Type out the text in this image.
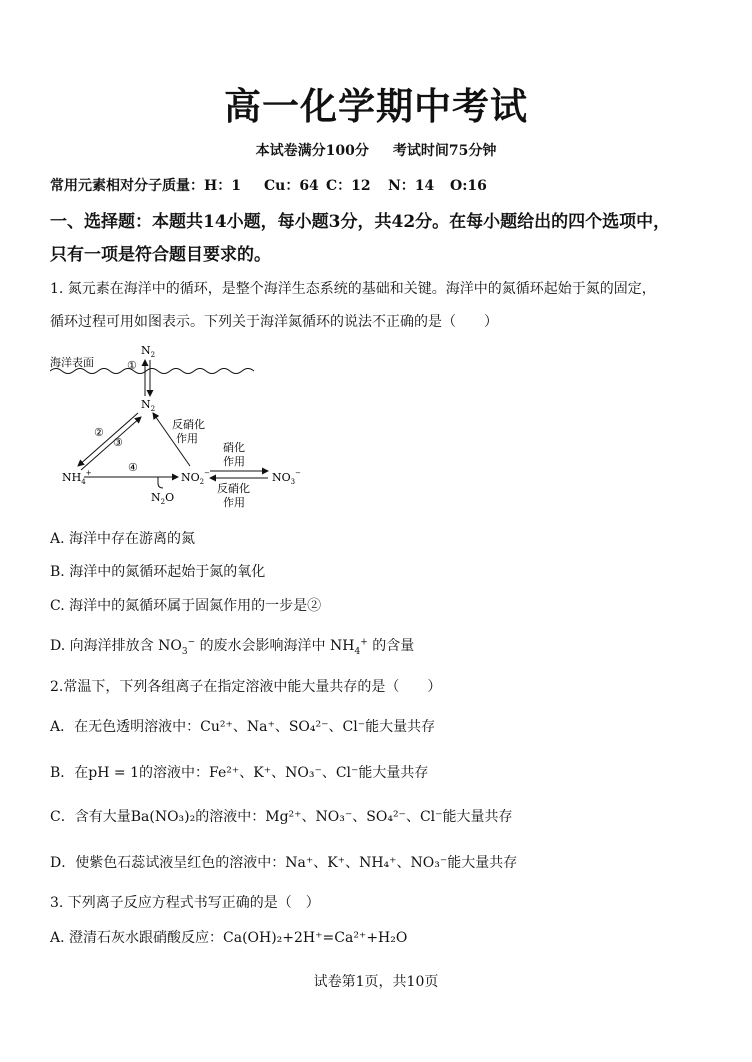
高一化学期中考试
本试卷满分100分 考试时间75分钟
常用元素相对分子质量：H：1 Cu：64 C：12 N：14 O:16
一、选择题：本题共14小题，每小题3分，共42分。在每小题给出的四个选项中，
只有一项是符合题目要求的。
1. 氮元素在海洋中的循环，是整个海洋生态系统的基础和关键。海洋中的氮循环起始于氮的固定，
循环过程可用如图表示。下列关于海洋氮循环的说法不正确的是（　　）
海洋表面
$N_2$
①
$N_2$
②
③
反硝化
作用
$NH_4^+$	④
$NO_2^-$
$N_2O$
硝化
作用
反硝化
作用
$NO_3^-$
A. 海洋中存在游离的氮
B. 海洋中的氮循环起始于氮的氧化
C. 海洋中的氮循环属于固氮作用的一步是②
D. 向海洋排放含 $NO_3^-$ 的废水会影响海洋中 $NH_4^+$ 的含量
2.常温下，下列各组离子在指定溶液中能大量共存的是（　　）
A．在无色透明溶液中：Cu²⁺、Na⁺、SO₄²⁻、Cl⁻能大量共存
B．在pH = 1的溶液中：Fe²⁺、K⁺、NO₃⁻、Cl⁻能大量共存
C．含有大量Ba(NO₃)₂的溶液中：Mg²⁺、NO₃⁻、SO₄²⁻、Cl⁻能大量共存
D．使紫色石蕊试液呈红色的溶液中：Na⁺、K⁺、NH₄⁺、NO₃⁻能大量共存
3. 下列离子反应方程式书写正确的是（　）
A. 澄清石灰水跟硝酸反应：Ca(OH)₂+2H⁺=Ca²⁺+H₂O
试卷第1页，共10页
